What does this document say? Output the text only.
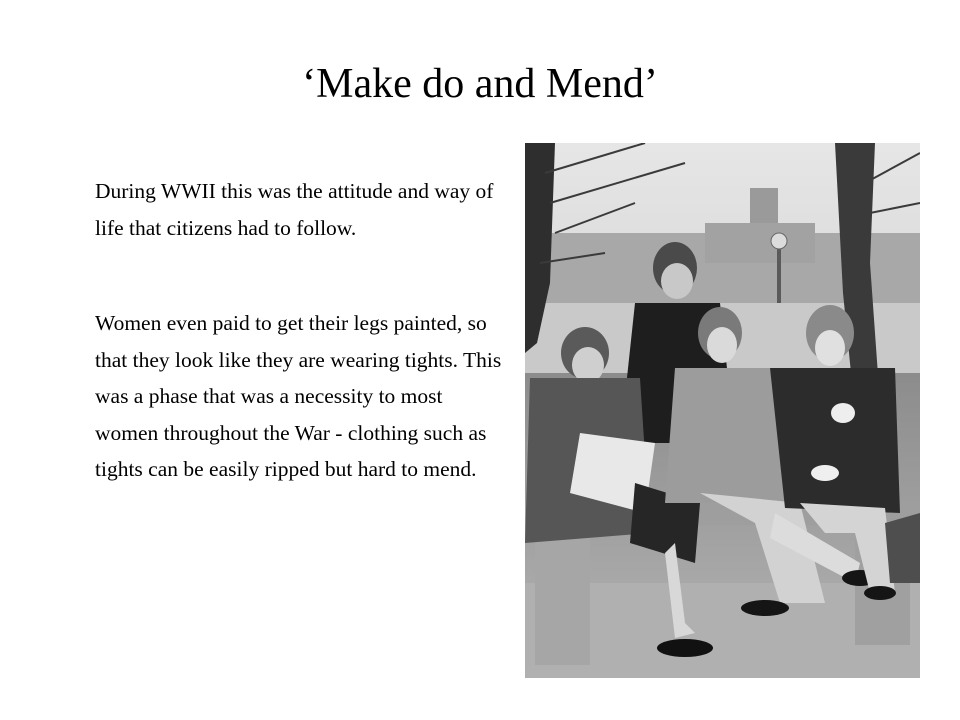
‘Make do and Mend’

During WWII this was the attitude and way of life that citizens had to follow.

Women even paid to get their legs painted, so that they look like they are wearing tights. This was a phase that was a necessity to most women throughout the War - clothing such as tights can be easily ripped but hard to mend.
